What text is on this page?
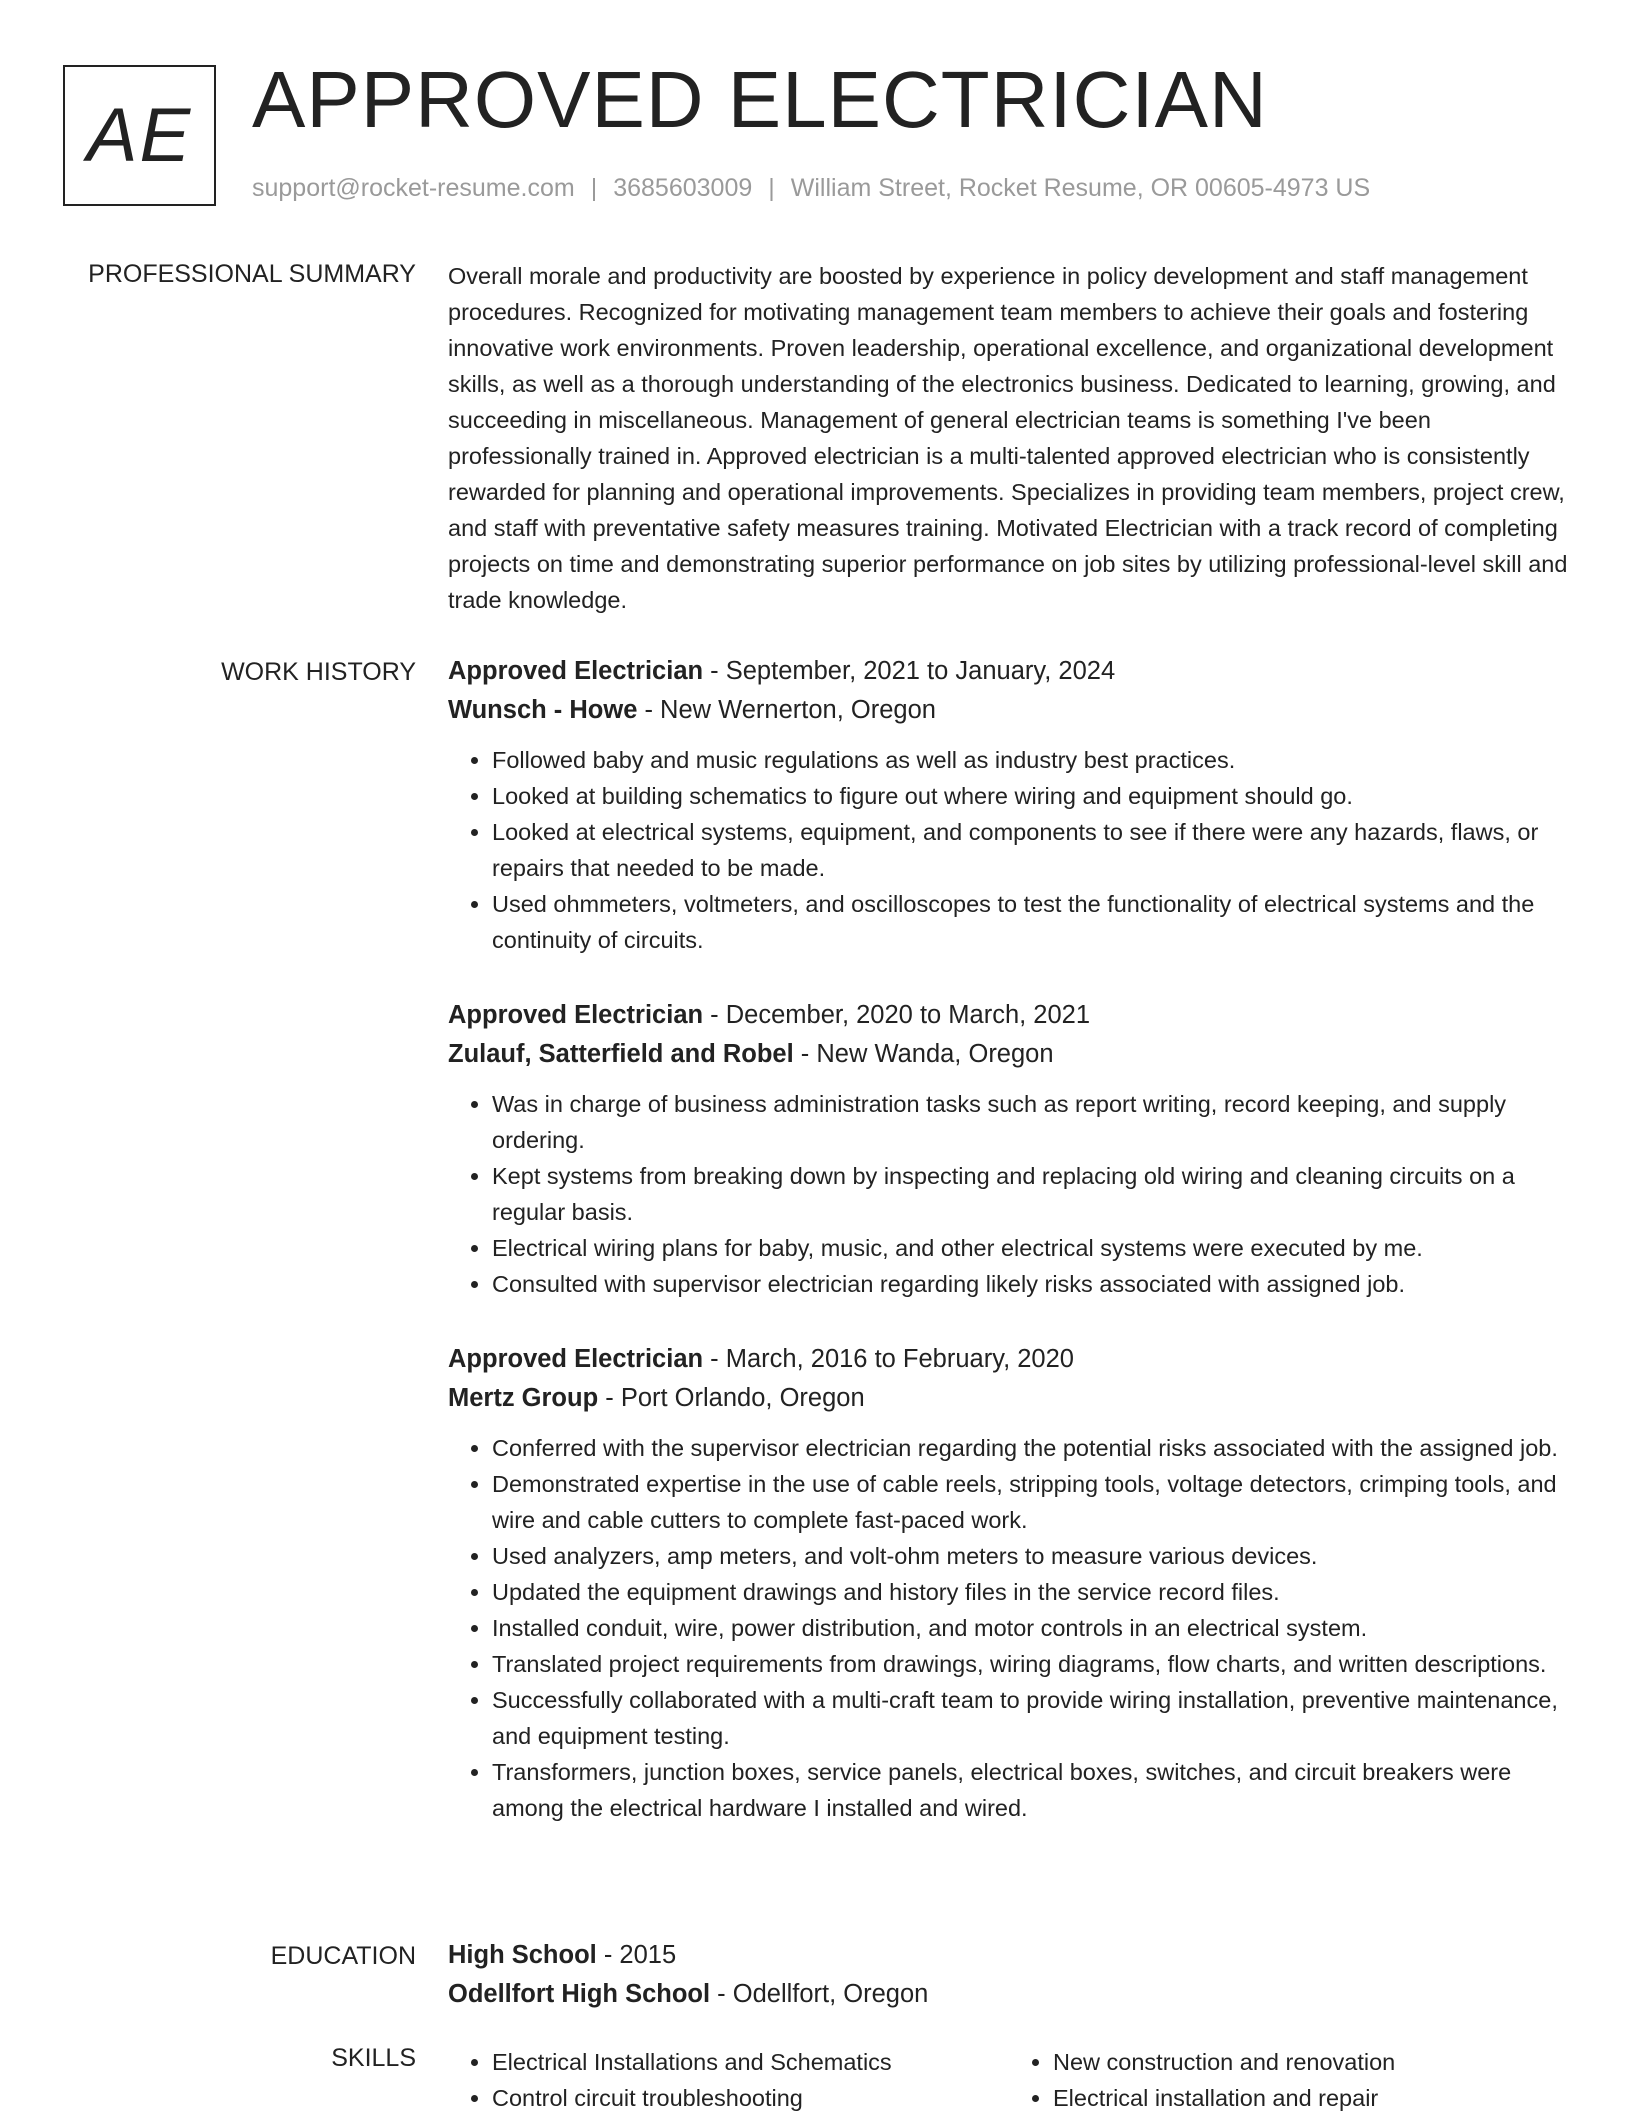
AE APPROVED ELECTRICIAN
support@rocket-resume.com | 3685603009 | William Street, Rocket Resume, OR 00605-4973 US
PROFESSIONAL SUMMARY Overall morale and productivity are boosted by experience in policy development and staff management procedures. Recognized for motivating management team members to achieve their goals and fostering innovative work environments. Proven leadership, operational excellence, and organizational development skills, as well as a thorough understanding of the electronics business. Dedicated to learning, growing, and succeeding in miscellaneous. Management of general electrician teams is something I've been professionally trained in. Approved electrician is a multi-talented approved electrician who is consistently rewarded for planning and operational improvements. Specializes in providing team members, project crew, and staff with preventative safety measures training. Motivated Electrician with a track record of completing projects on time and demonstrating superior performance on job sites by utilizing professional-level skill and trade knowledge.

WORK HISTORY Approved Electrician - September, 2021 to January, 2024
Wunsch - Howe - New Wernerton, Oregon
• Followed baby and music regulations as well as industry best practices.
• Looked at building schematics to figure out where wiring and equipment should go.
• Looked at electrical systems, equipment, and components to see if there were any hazards, flaws, or repairs that needed to be made.
• Used ohmmeters, voltmeters, and oscilloscopes to test the functionality of electrical systems and the continuity of circuits.
Approved Electrician - December, 2020 to March, 2021
Zulauf, Satterfield and Robel - New Wanda, Oregon
• Was in charge of business administration tasks such as report writing, record keeping, and supply ordering.
• Kept systems from breaking down by inspecting and replacing old wiring and cleaning circuits on a regular basis.
• Electrical wiring plans for baby, music, and other electrical systems were executed by me.
• Consulted with supervisor electrician regarding likely risks associated with assigned job.
Approved Electrician - March, 2016 to February, 2020
Mertz Group - Port Orlando, Oregon
• Conferred with the supervisor electrician regarding the potential risks associated with the assigned job.
• Demonstrated expertise in the use of cable reels, stripping tools, voltage detectors, crimping tools, and wire and cable cutters to complete fast-paced work.
• Used analyzers, amp meters, and volt-ohm meters to measure various devices.
• Updated the equipment drawings and history files in the service record files.
• Installed conduit, wire, power distribution, and motor controls in an electrical system.
• Translated project requirements from drawings, wiring diagrams, flow charts, and written descriptions.
• Successfully collaborated with a multi-craft team to provide wiring installation, preventive maintenance, and equipment testing.
• Transformers, junction boxes, service panels, electrical boxes, switches, and circuit breakers were among the electrical hardware I installed and wired.
EDUCATION High School - 2015
Odellfort High School - Odellfort, Oregon
SKILLS
•	Electrical Installations and Schematics
• Control circuit troubleshooting
• New construction and renovation
• Electrical installation and repair
